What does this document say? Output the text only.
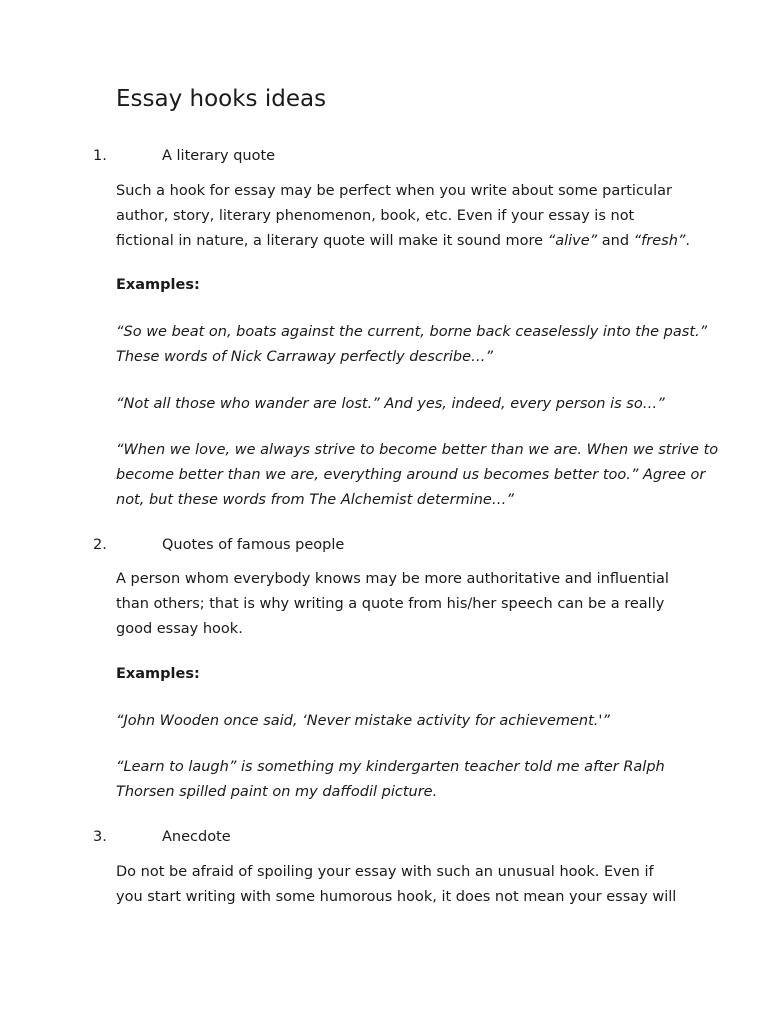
Essay hooks ideas
1.	A literary quote

Such a hook for essay may be perfect when you write about some particular
author, story, literary phenomenon, book, etc. Even if your essay is not
fictional in nature, a literary quote will make it sound more “alive” and “fresh”.

Examples:

“So we beat on, boats against the current, borne back ceaselessly into the past.”
These words of Nick Carraway perfectly describe…”

“Not all those who wander are lost.” And yes, indeed, every person is so…”

“When we love, we always strive to become better than we are. When we strive to
become better than we are, everything around us becomes better too.” Agree or
not, but these words from The Alchemist determine…”

2.	Quotes of famous people

A person whom everybody knows may be more authoritative and influential
than others; that is why writing a quote from his/her speech can be a really
good essay hook.

Examples:

“John Wooden once said, ‘Never mistake activity for achievement.'”

“Learn to laugh” is something my kindergarten teacher told me after Ralph
Thorsen spilled paint on my daffodil picture.

3.	Anecdote

Do not be afraid of spoiling your essay with such an unusual hook. Even if
you start writing with some humorous hook, it does not mean your essay will
